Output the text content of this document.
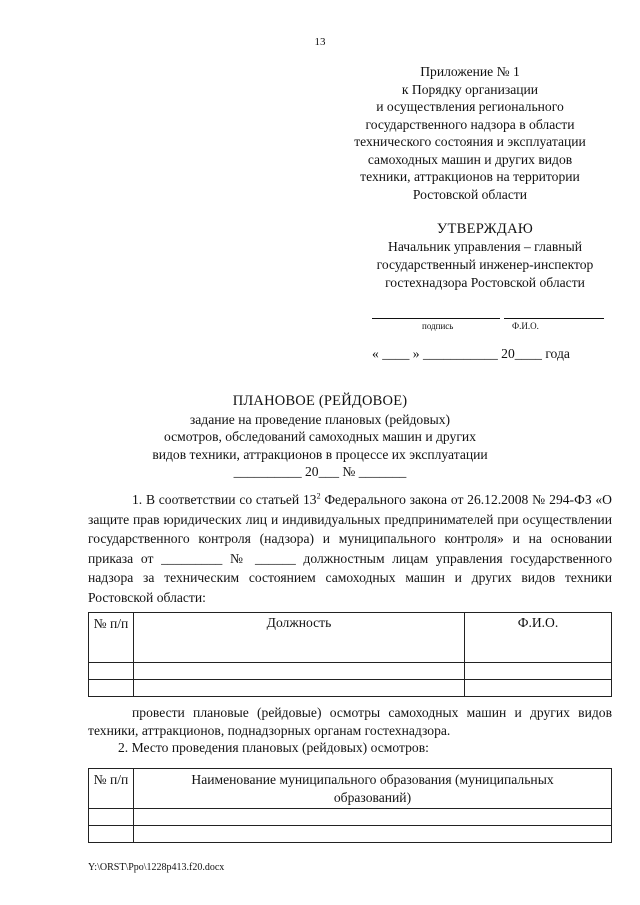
13
Приложение № 1
к Порядку организации
и осуществления регионального
государственного надзора в области
технического состояния и эксплуатации
самоходных машин и других видов
техники, аттракционов на территории
Ростовской области
УТВЕРЖДАЮ
Начальник управления – главный
государственный инженер-инспектор
гостехнадзора Ростовской области
подпись	Ф.И.О.
« ____ » ___________ 20____ года
ПЛАНОВОЕ (РЕЙДОВОЕ)
задание на проведение плановых (рейдовых)
осмотров, обследований самоходных машин и других
видов техники, аттракционов в процессе их эксплуатации
__________ 20___ № _______
1. В соответствии со статьей $13^2$ Федерального закона от 26.12.2008 № 294-ФЗ «О защите прав юридических лиц и индивидуальных предпринимателей при осуществлении государственного контроля (надзора) и муниципального контроля» и на основании приказа от _________ № ______ должностным лицам управления государственного надзора за техническим состоянием самоходных машин и других видов техники Ростовской области:
№ п/п	Должность	Ф.И.О.

провести плановые (рейдовые) осмотры самоходных машин и других видов техники, аттракционов, поднадзорных органам гостехнадзора.
2. Место проведения плановых (рейдовых) осмотров:
№ п/п	Наименование муниципального образования (муниципальных образований)

Y:\ORST\Ppo\1228p413.f20.docx
